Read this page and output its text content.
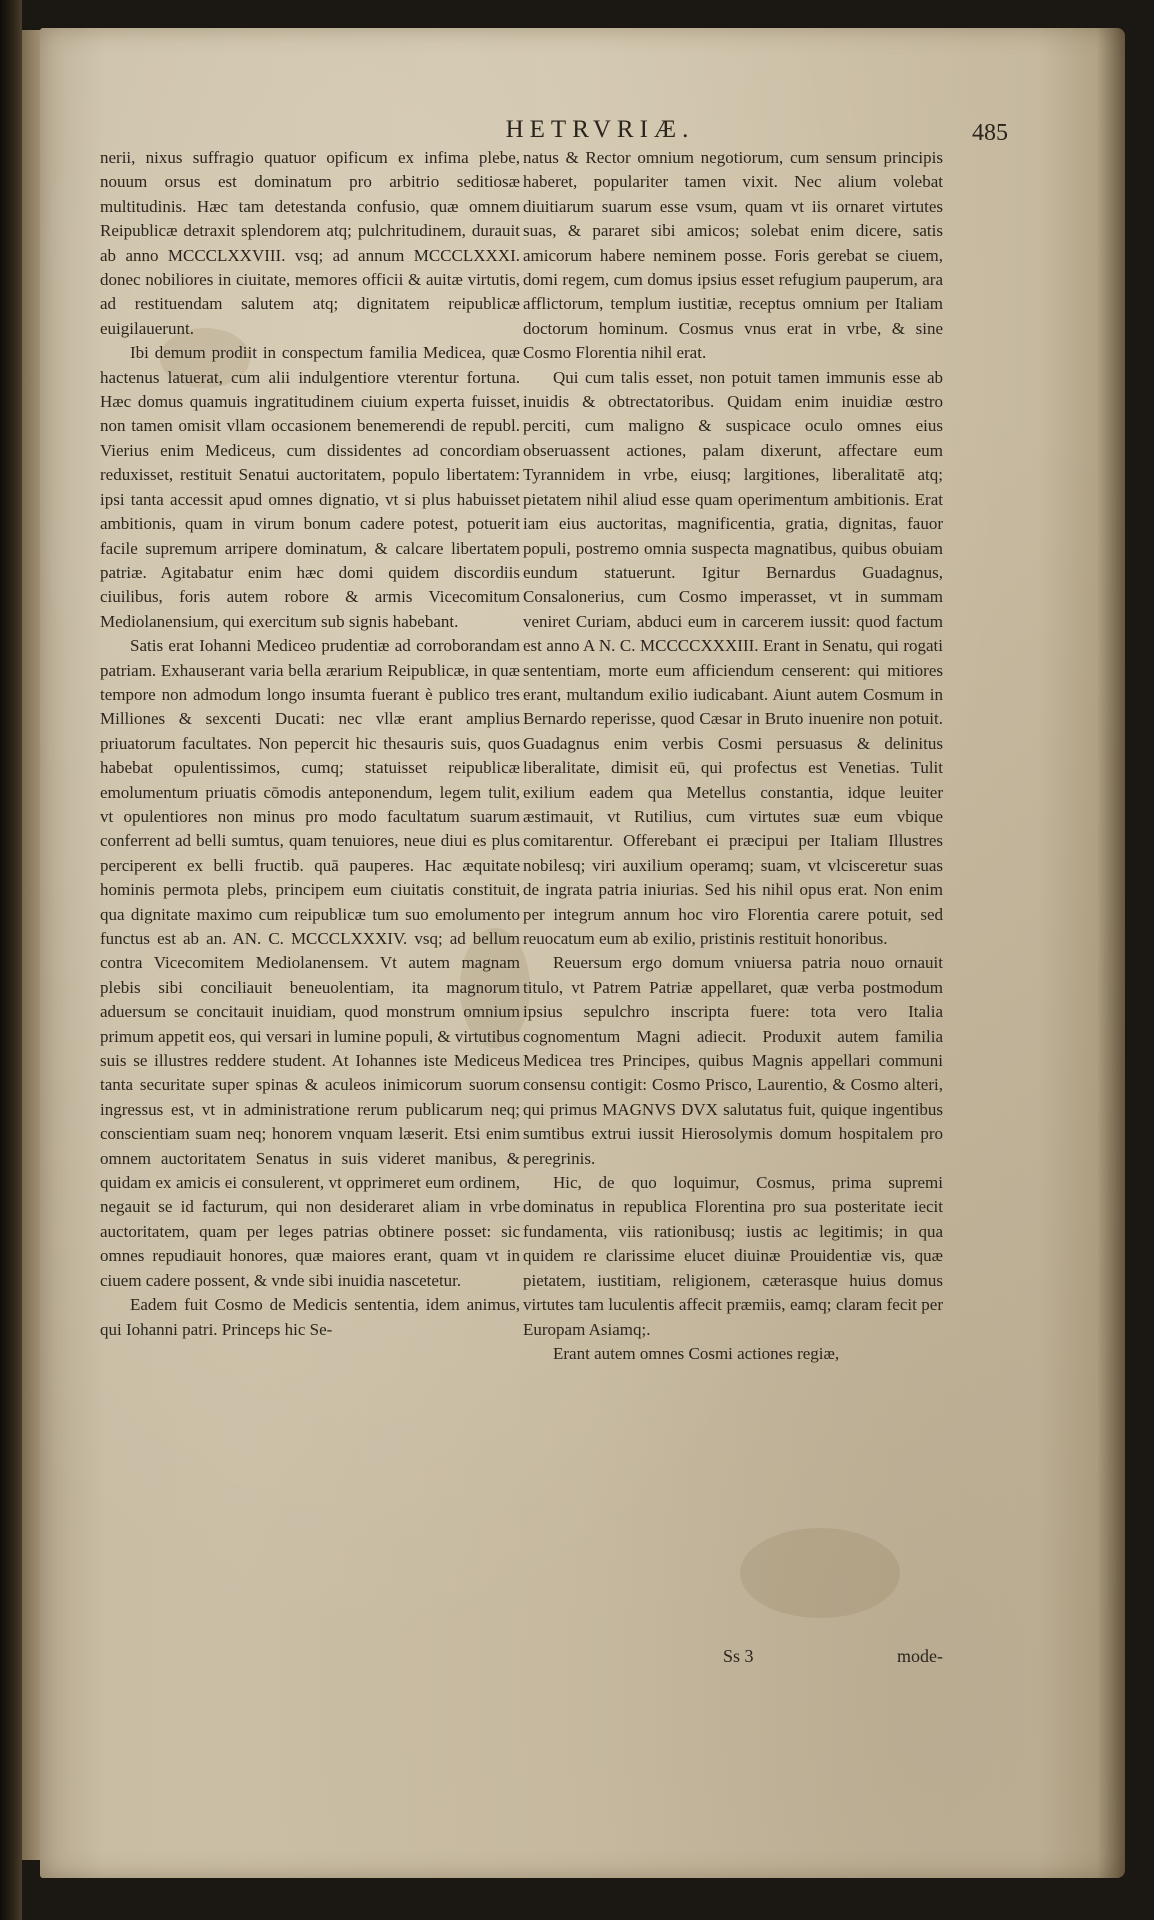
HETRVRIÆ.	485

nerii, nixus suffragio quatuor opificum ex infima plebe, nouum orsus est dominatum pro arbitrio seditiosæ multitudinis. Hæc tam detestanda confusio, quæ omnem Reipublicæ detraxit splendorem atq; pulchritudinem, durauit ab anno MCCCLXXVIII. vsq; ad annum MCCCLXXXI. donec nobiliores in ciuitate, memores officii & auitæ virtutis, ad restituendam salutem atq; dignitatem reipublicæ euigilauerunt.

Ibi demum prodiit in conspectum familia Medicea, quæ hactenus latuerat, cum alii indulgentiore vterentur fortuna. Hæc domus quamuis ingratitudinem ciuium experta fuisset, non tamen omisit vllam occasionem benemerendi de republ. Vierius enim Mediceus, cum dissidentes ad concordiam reduxisset, restituit Senatui auctoritatem, populo libertatem: ipsi tanta accessit apud omnes dignatio, vt si plus habuisset ambitionis, quam in virum bonum cadere potest, potuerit facile supremum arripere dominatum, & calcare libertatem patriæ. Agitabatur enim hæc domi quidem discordiis ciuilibus, foris autem robore & armis Vicecomitum Mediolanensium, qui exercitum sub signis habebant.

Satis erat Iohanni Mediceo prudentiæ ad corroborandam patriam. Exhauserant varia bella ærarium Reipublicæ, in quæ tempore non admodum longo insumta fuerant è publico tres Milliones & sexcenti Ducati: nec vllæ erant amplius priuatorum facultates. Non pepercit hic thesauris suis, quos habebat opulentissimos, cumq; statuisset reipublicæ emolumentum priuatis cōmodis anteponendum, legem tulit, vt opulentiores non minus pro modo facultatum suarum conferrent ad belli sumtus, quam tenuiores, neue diui es plus perciperent ex belli fructib. quā pauperes. Hac æquitate hominis permota plebs, principem eum ciuitatis constituit, qua dignitate maximo cum reipublicæ tum suo emolumento functus est ab an. AN. C. MCCCLXXXIV. vsq; ad bellum contra Vicecomitem Mediolanensem. Vt autem magnam plebis sibi conciliauit beneuolentiam, ita magnorum aduersum se concitauit inuidiam, quod monstrum omnium primum appetit eos, qui versari in lumine populi, & virtutibus suis se illustres reddere student. At Iohannes iste Mediceus tanta securitate super spinas & aculeos inimicorum suorum ingressus est, vt in administratione rerum publicarum neq; conscientiam suam neq; honorem vnquam læserit. Etsi enim omnem auctoritatem Senatus in suis videret manibus, & quidam ex amicis ei consulerent, vt opprimeret eum ordinem, negauit se id facturum, qui non desideraret aliam in vrbe auctoritatem, quam per leges patrias obtinere posset: sic omnes repudiauit honores, quæ maiores erant, quam vt in ciuem cadere possent, & vnde sibi inuidia nascetetur.

Eadem fuit Cosmo de Medicis sententia, idem animus, qui Iohanni patri. Princeps hic Se-

natus & Rector omnium negotiorum, cum sensum principis haberet, populariter tamen vixit. Nec alium volebat diuitiarum suarum esse vsum, quam vt iis ornaret virtutes suas, & pararet sibi amicos; solebat enim dicere, satis amicorum habere neminem posse. Foris gerebat se ciuem, domi regem, cum domus ipsius esset refugium pauperum, ara afflictorum, templum iustitiæ, receptus omnium per Italiam doctorum hominum. Cosmus vnus erat in vrbe, & sine Cosmo Florentia nihil erat.

Qui cum talis esset, non potuit tamen immunis esse ab inuidis & obtrectatoribus. Quidam enim inuidiæ œstro perciti, cum maligno & suspicace oculo omnes eius obseruassent actiones, palam dixerunt, affectare eum Tyrannidem in vrbe, eiusq; largitiones, liberalitatē atq; pietatem nihil aliud esse quam operimentum ambitionis. Erat iam eius auctoritas, magnificentia, gratia, dignitas, fauor populi, postremo omnia suspecta magnatibus, quibus obuiam eundum statuerunt. Igitur Bernardus Guadagnus, Consalonerius, cum Cosmo imperasset, vt in summam veniret Curiam, abduci eum in carcerem iussit: quod factum est anno A N. C. MCCCCXXXIII. Erant in Senatu, qui rogati sententiam, morte eum afficiendum censerent: qui mitiores erant, multandum exilio iudicabant. Aiunt autem Cosmum in Bernardo reperisse, quod Cæsar in Bruto inuenire non potuit. Guadagnus enim verbis Cosmi persuasus & delinitus liberalitate, dimisit eū, qui profectus est Venetias. Tulit exilium eadem qua Metellus constantia, idque leuiter æstimauit, vt Rutilius, cum virtutes suæ eum vbique comitarentur. Offerebant ei præcipui per Italiam Illustres nobilesq; viri auxilium operamq; suam, vt vlcisceretur suas de ingrata patria iniurias. Sed his nihil opus erat. Non enim per integrum annum hoc viro Florentia carere potuit, sed reuocatum eum ab exilio, pristinis restituit honoribus.

Reuersum ergo domum vniuersa patria nouo ornauit titulo, vt Patrem Patriæ appellaret, quæ verba postmodum ipsius sepulchro inscripta fuere: tota vero Italia cognomentum Magni adiecit. Produxit autem familia Medicea tres Principes, quibus Magnis appellari communi consensu contigit: Cosmo Prisco, Laurentio, & Cosmo alteri, qui primus MAGNVS DVX salutatus fuit, quique ingentibus sumtibus extrui iussit Hierosolymis domum hospitalem pro peregrinis.

Hic, de quo loquimur, Cosmus, prima supremi dominatus in republica Florentina pro sua posteritate iecit fundamenta, viis rationibusq; iustis ac legitimis; in qua quidem re clarissime elucet diuinæ Prouidentiæ vis, quæ pietatem, iustitiam, religionem, cæterasque huius domus virtutes tam luculentis affecit præmiis, eamq; claram fecit per Europam Asiamq;.

Erant autem omnes Cosmi actiones regiæ,

Ss 3	mode-
